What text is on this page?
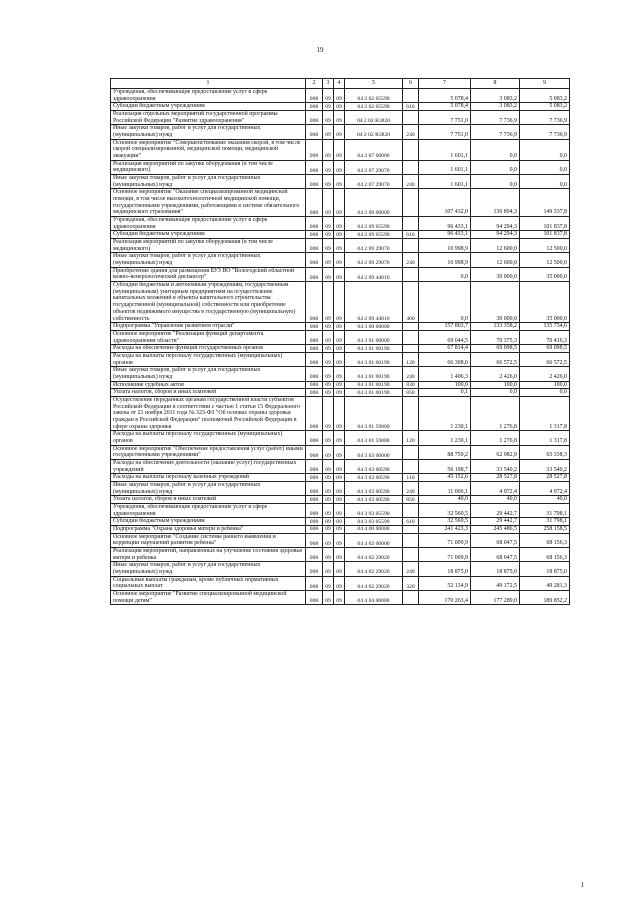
19
1	2	3	4	5	6	7	8	9
Учреждения, обеспечивающие предоставление услуг в сфере здравоохранения	008	09	09	04 2 02 05590		5 078,4	3 083,2	5 083,2
Субсидии бюджетным учреждениям	008	09	09	04 2 02 05590	610	5 078,4	3 083,2	5 083,2
Реализация отдельных мероприятий государственной программы Российской Федерации "Развитие здравоохранения"	008	09	09	04 2 02 R3820		7 751,0	7 736,9	7 736,9
Иные закупки товаров, работ и услуг для государственных (муниципальных) нужд	008	09	09	04 2 02 R3820	240	7 751,0	7 736,9	7 736,9
Основное мероприятие "Совершенствование оказания скорой, в том числе скорой специализированной, медицинской помощи, медицинской эвакуации"	008	09	09	04 2 07 00000		1 601,1	0,0	0,0
Реализация мероприятий по закупке оборудования (в том числе медицинского)	008	09	09	04 2 07 29070		1 601,1	0,0	0,0
Иные закупки товаров, работ и услуг для государственных (муниципальных) нужд	008	09	09	04 2 07 29070	240	1 601,1	0,0	0,0
Основное мероприятие "Оказание специализированной медицинской помощи, в том числе высокотехнологичной медицинской помощи, государственными учреждениями, работающими в системе обязательного медицинского страхования"	008	09	09	04 2 09 00000		107 432,0	136 894,3	149 337,8
Учреждения, обеспечивающие предоставление услуг в сфере здравоохранения	008	09	09	04 2 09 05590		96 433,1	94 294,3	101 837,8
Субсидии бюджетным учреждениям	008	09	09	04 2 09 05590	610	96 433,1	94 294,3	101 837,8
Реализация мероприятий по закупке оборудования (в том числе медицинского)	008	09	09	04 2 09 29070		10 998,9	12 600,0	12 500,0
Иные закупки товаров, работ и услуг для государственных (муниципальных) нужд	008	09	09	04 2 09 29070	240	10 998,9	12 600,0	12 500,0
Приобретение здания для размещения БУЗ ВО "Вологодский областной кожно-венерологический диспансер"	008	09	09	04 2 09 44010		0,0	30 000,0	35 000,0
Субсидии бюджетным и автономным учреждениям, государственным (муниципальным) унитарным предприятиям на осуществление капитальных вложений в объекты капитального строительства государственной (муниципальной) собственности или приобретение объектов недвижимого имущества в государственную (муниципальную) собственность	008	09	09	04 2 09 44010	460	0,0	30 000,0	35 000,0
Подпрограмма "Управление развитием отрасли"	008	09	09	04 3 00 00000		157 803,7	133 358,2	135 754,6
Основное мероприятие "Реализация функций департамента здравоохранения области"	008	09	09	04 3 01 00000		69 044,5	70 375,3	70 416,3
Расходы на обеспечение функций государственных органов	008	09	09	04 3 01 00190		67 814,4	69 098,5	69 098,5
Расходы на выплаты персоналу государственных (муниципальных) органов	008	09	09	04 3 01 00190	120	66 308,0	66 572,5	66 572,5
Иные закупки товаров, работ и услуг для государственных (муниципальных) нужд	008	09	09	04 3 01 00190	240	1 406,3	2 426,0	2 426,0
Исполнение судебных актов	008	09	09	04 3 01 00190	830	100,0	100,0	100,0
Уплата налогов, сборов и иных платежей	008	09	09	04 3 01 00190	850	0,1	0,0	0,0
Осуществление переданных органам государственной власти субъектов Российской Федерации в соответствии с частью 1 статьи 15 Федерального закона от 21 ноября 2011 года № 323-ФЗ "Об основах охраны здоровья граждан в Российской Федерации" полномочий Российской Федерации в сфере охраны здоровья	008	09	09	04 3 01 59800		1 230,1	1 276,8	1 317,8
Расходы на выплаты персоналу государственных (муниципальных) органов	008	09	09	04 3 01 59800	120	1 230,1	1 276,8	1 317,8
Основное мероприятие "Обеспечение предоставления услуг (работ) иными государственными учреждениями"	008	09	09	04 3 03 00000		88 759,2	62 982,9	65 338,3
Расходы на обеспечение деятельности (оказание услуг) государственных учреждений	008	09	09	04 3 03 00590		56 198,7	33 540,2	33 540,2
Расходы на выплаты персоналу казенных учреждений	008	09	09	04 3 03 00590	110	45 152,6	28 527,8	28 527,8
Иные закупки товаров, работ и услуг для государственных (муниципальных) нужд	008	09	09	04 3 03 00590	240	11 006,1	4 972,4	4 972,4
Уплата налогов, сборов и иных платежей	008	09	09	04 3 03 00590	850	40,0	40,0	40,0
Учреждения, обеспечивающие предоставление услуг в сфере здравоохранения	008	09	09	04 3 03 05590		32 560,5	29 442,7	31 798,1
Субсидии бюджетным учреждениям	008	09	09	04 3 03 05590	610	32 560,5	29 442,7	31 798,1
Подпрограмма "Охрана здоровья матери и ребенка"	008	09	09	04 4 00 00000		241 423,3	245 486,5	258 158,5
Основное мероприятие "Создание системы раннего выявления и коррекции нарушений развития ребенка"	008	09	09	04 4 02 00000		71 009,9	68 047,5	68 156,3
Реализация мероприятий, направленных на улучшение состояния здоровья матери и ребенка	008	09	09	04 4 02 29020		71 009,9	68 047,5	68 156,3
Иные закупки товаров, работ и услуг для государственных (муниципальных) нужд	008	09	09	04 4 02 29020	240	18 875,0	18 875,0	18 875,0
Социальные выплаты гражданам, кроме публичных нормативных социальных выплат	008	09	09	04 4 02 29020	320	52 134,9	49 172,5	49 281,3
Основное мероприятие "Развитие специализированной медицинской помощи детям"	008	09	09	04 4 04 00000		170 263,4	177 289,0	189 852,2
1
